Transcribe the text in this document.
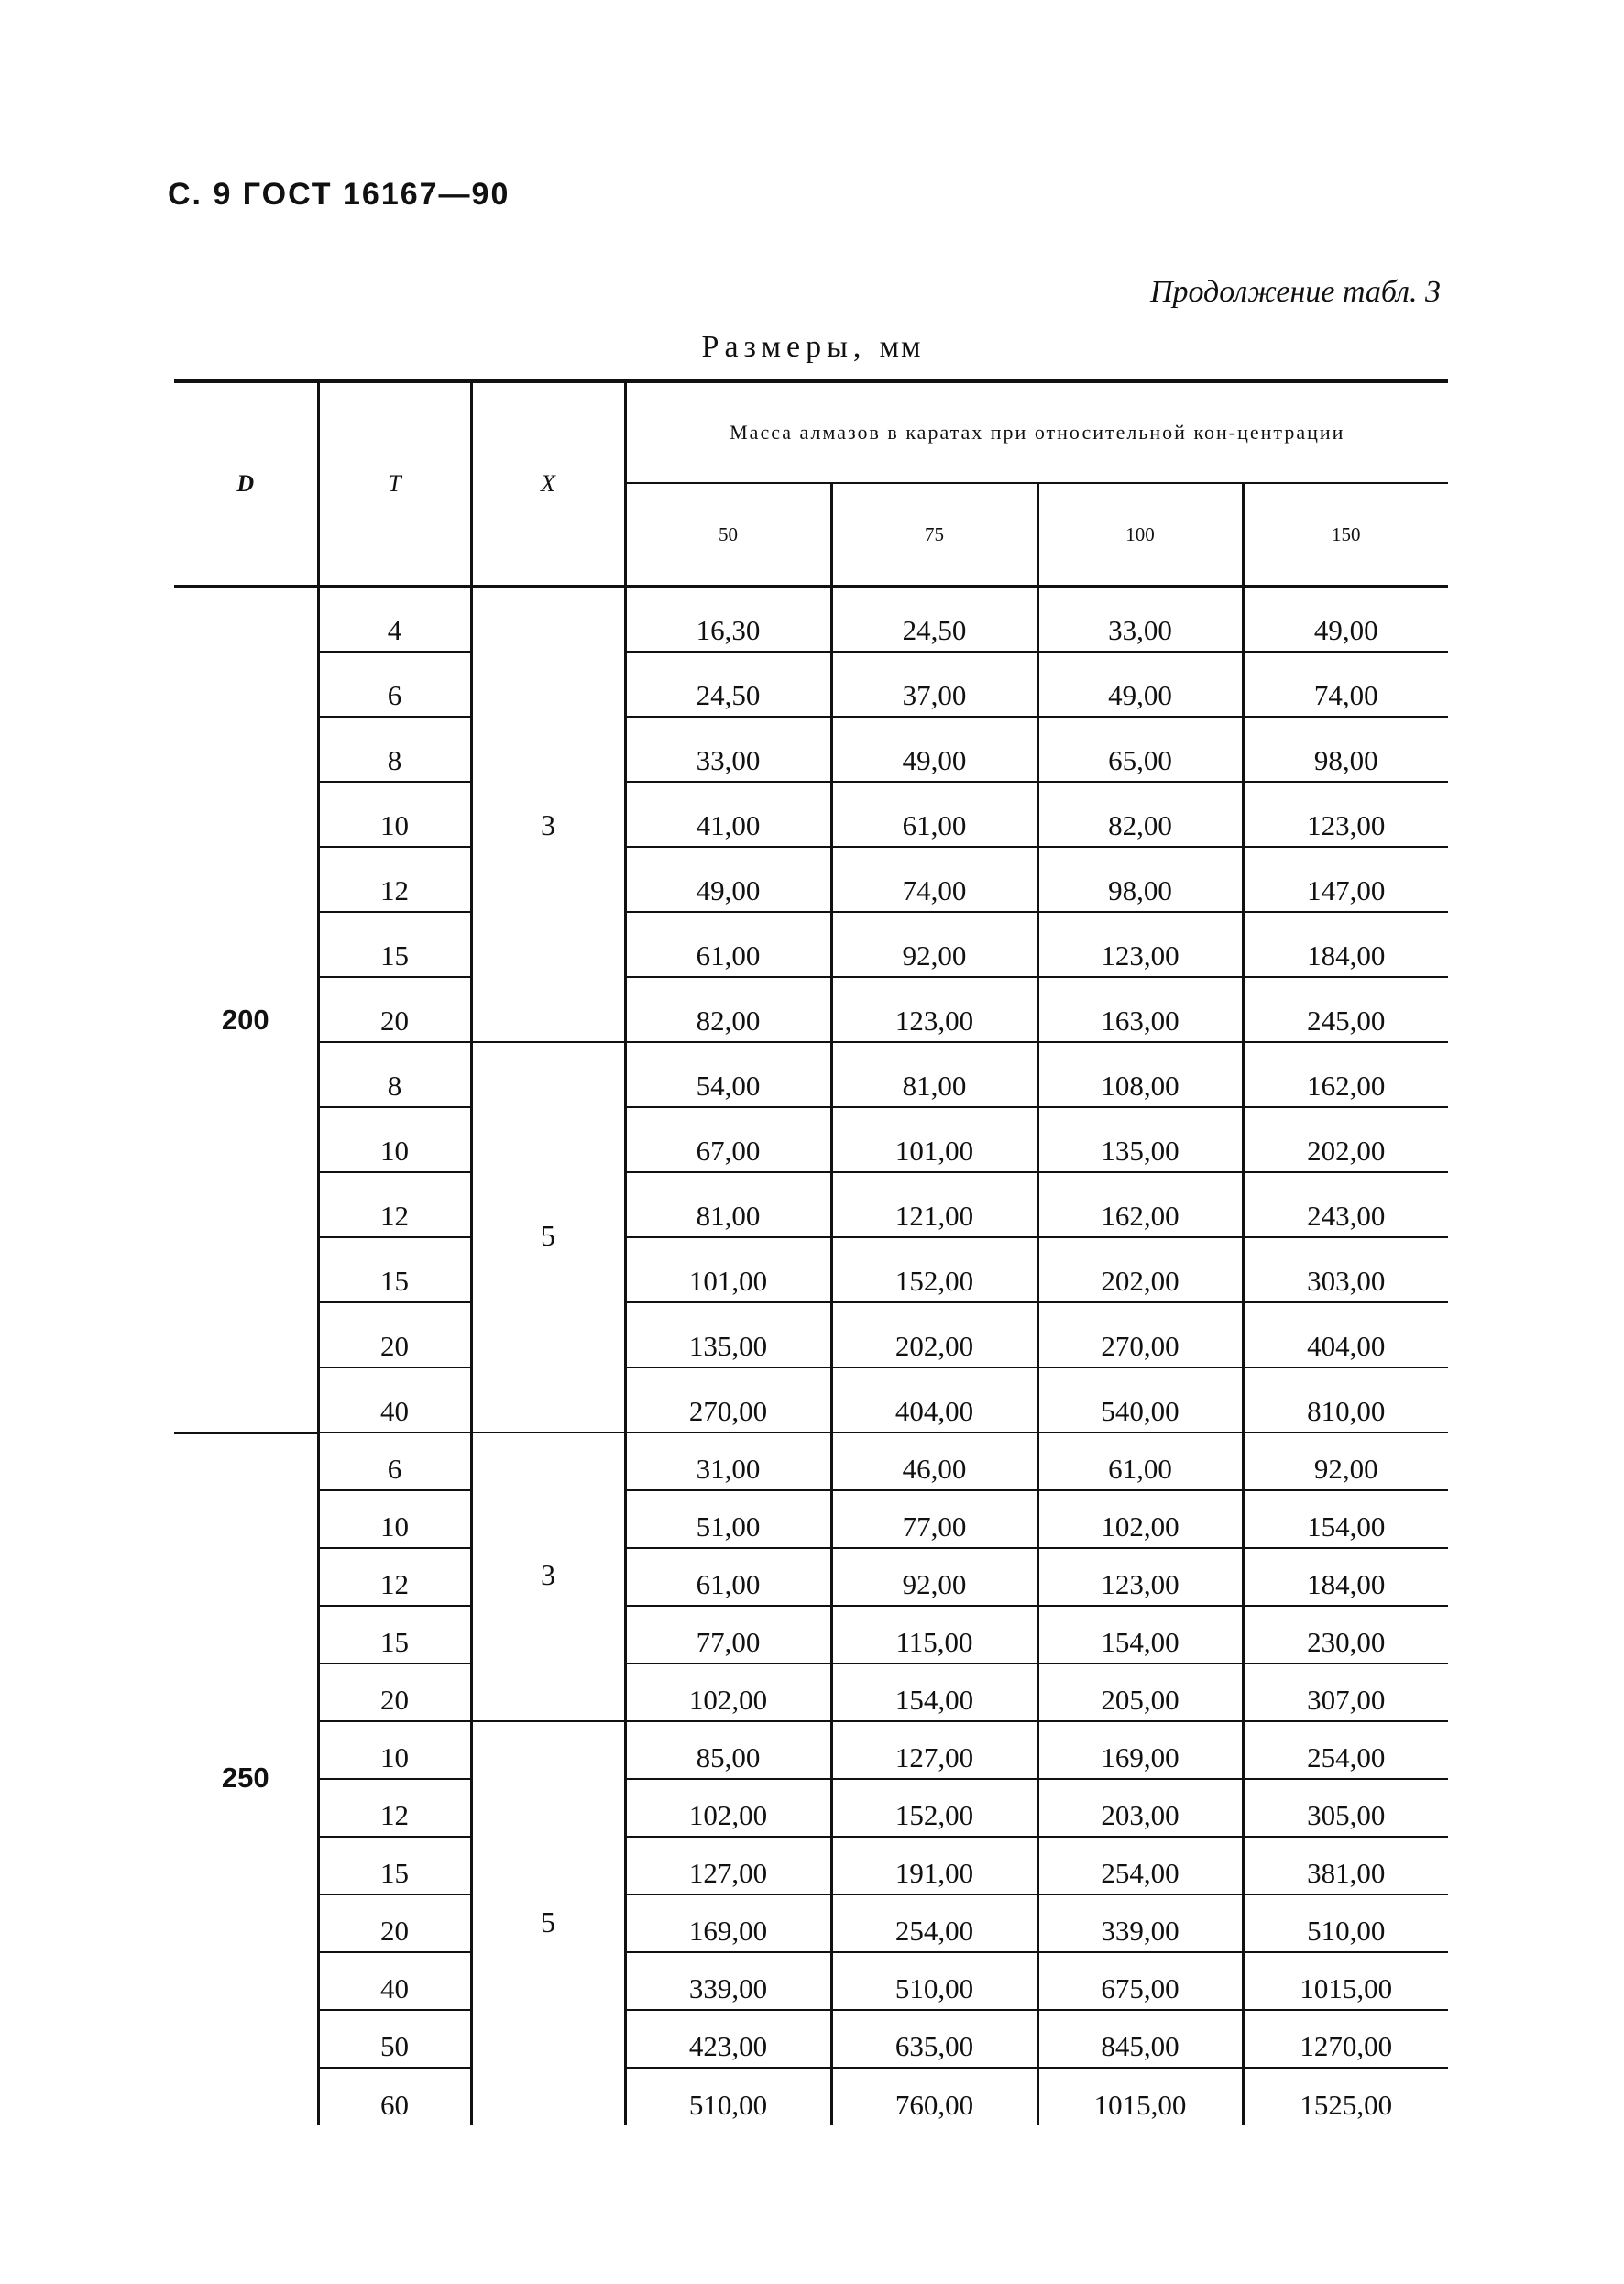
С. 9 ГОСТ 16167—90
Продолжение табл. 3
Размеры, мм
D	T	X	Масса алмазов в каратах при относительной кон-центрации			
			50	75	100	150
200	4	3	16,30	24,50	33,00	49,00
	6		24,50	37,00	49,00	74,00
	8		33,00	49,00	65,00	98,00
	10		41,00	61,00	82,00	123,00
	12		49,00	74,00	98,00	147,00
	15		61,00	92,00	123,00	184,00
	20		82,00	123,00	163,00	245,00
	8	5	54,00	81,00	108,00	162,00
	10		67,00	101,00	135,00	202,00
	12		81,00	121,00	162,00	243,00
	15		101,00	152,00	202,00	303,00
	20		135,00	202,00	270,00	404,00
	40		270,00	404,00	540,00	810,00
250	6	3	31,00	46,00	61,00	92,00
	10		51,00	77,00	102,00	154,00
	12		61,00	92,00	123,00	184,00
	15		77,00	115,00	154,00	230,00
	20		102,00	154,00	205,00	307,00
	10	5	85,00	127,00	169,00	254,00
	12		102,00	152,00	203,00	305,00
	15		127,00	191,00	254,00	381,00
	20		169,00	254,00	339,00	510,00
	40		339,00	510,00	675,00	1015,00
	50		423,00	635,00	845,00	1270,00
	60		510,00	760,00	1015,00	1525,00
